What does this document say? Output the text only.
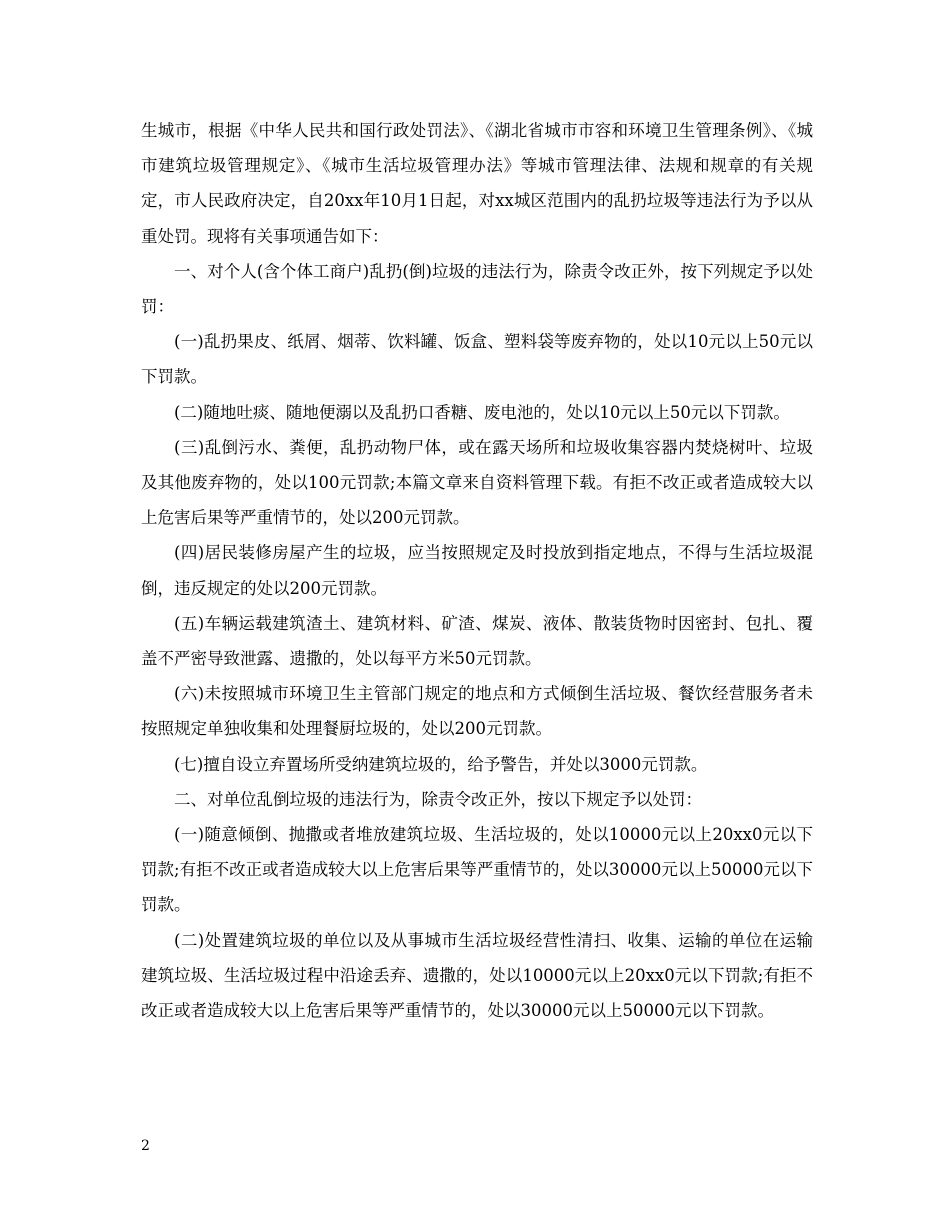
生城市，根据《中华人民共和国行政处罚法》、《湖北省城市市容和环境卫生管理条例》、《城市建筑垃圾管理规定》、《城市生活垃圾管理办法》等城市管理法律、法规和规章的有关规定，市人民政府决定，自20xx年10月1日起，对xx城区范围内的乱扔垃圾等违法行为予以从重处罚。现将有关事项通告如下：

一、对个人(含个体工商户)乱扔(倒)垃圾的违法行为，除责令改正外，按下列规定予以处罚：

(一)乱扔果皮、纸屑、烟蒂、饮料罐、饭盒、塑料袋等废弃物的，处以10元以上50元以下罚款。

(二)随地吐痰、随地便溺以及乱扔口香糖、废电池的，处以10元以上50元以下罚款。

(三)乱倒污水、粪便，乱扔动物尸体，或在露天场所和垃圾收集容器内焚烧树叶、垃圾及其他废弃物的，处以100元罚款;本篇文章来自资料管理下载。有拒不改正或者造成较大以上危害后果等严重情节的，处以200元罚款。

(四)居民装修房屋产生的垃圾，应当按照规定及时投放到指定地点，不得与生活垃圾混倒，违反规定的处以200元罚款。

(五)车辆运载建筑渣土、建筑材料、矿渣、煤炭、液体、散装货物时因密封、包扎、覆盖不严密导致泄露、遗撒的，处以每平方米50元罚款。

(六)未按照城市环境卫生主管部门规定的地点和方式倾倒生活垃圾、餐饮经营服务者未按照规定单独收集和处理餐厨垃圾的，处以200元罚款。

(七)擅自设立弃置场所受纳建筑垃圾的，给予警告，并处以3000元罚款。

二、对单位乱倒垃圾的违法行为，除责令改正外，按以下规定予以处罚：

(一)随意倾倒、抛撒或者堆放建筑垃圾、生活垃圾的，处以10000元以上20xx0元以下罚款;有拒不改正或者造成较大以上危害后果等严重情节的，处以30000元以上50000元以下罚款。

(二)处置建筑垃圾的单位以及从事城市生活垃圾经营性清扫、收集、运输的单位在运输建筑垃圾、生活垃圾过程中沿途丢弃、遗撒的，处以10000元以上20xx0元以下罚款;有拒不改正或者造成较大以上危害后果等严重情节的，处以30000元以上50000元以下罚款。

2
